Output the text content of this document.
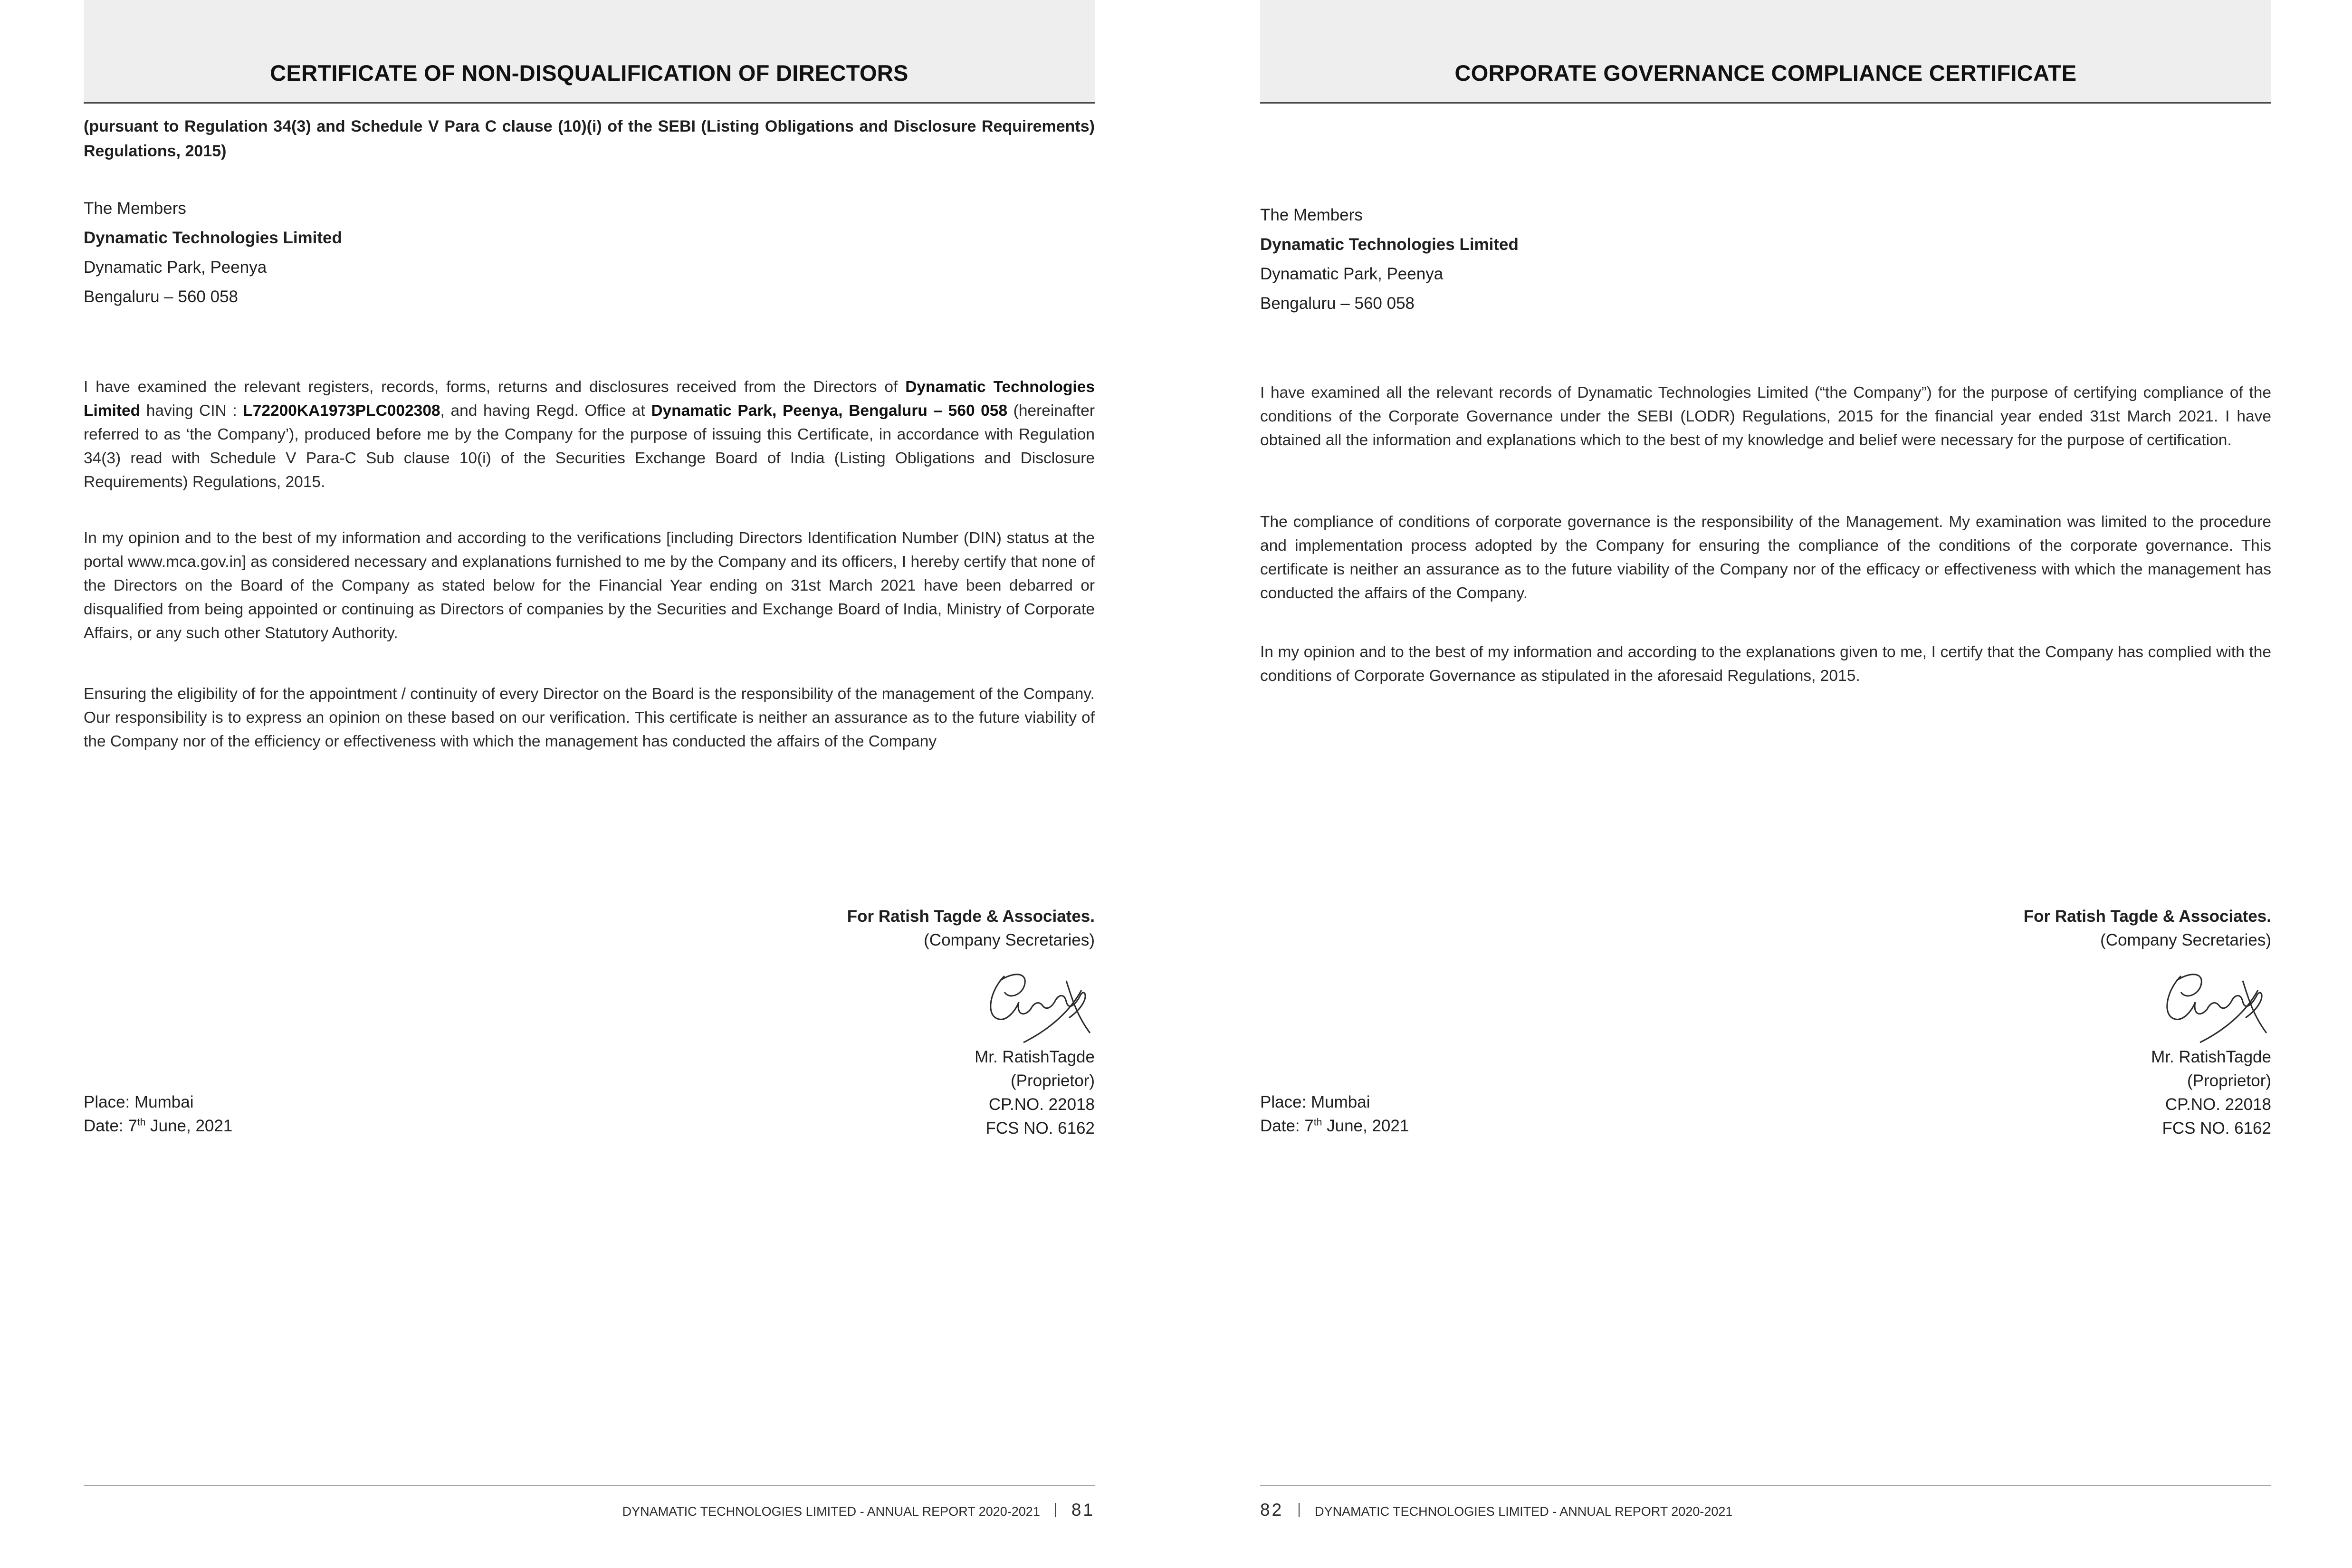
CERTIFICATE OF NON-DISQUALIFICATION OF DIRECTORS

(pursuant to Regulation 34(3) and Schedule V Para C clause (10)(i) of the SEBI (Listing Obligations and Disclosure Requirements) Regulations, 2015)

The Members
Dynamatic Technologies Limited
Dynamatic Park, Peenya
Bengaluru – 560 058

I have examined the relevant registers, records, forms, returns and disclosures received from the Directors of Dynamatic Technologies Limited having CIN : L72200KA1973PLC002308, and having Regd. Office at Dynamatic Park, Peenya, Bengaluru – 560 058 (hereinafter referred to as ‘the Company’), produced before me by the Company for the purpose of issuing this Certificate, in accordance with Regulation 34(3) read with Schedule V Para-C Sub clause 10(i) of the Securities Exchange Board of India (Listing Obligations and Disclosure Requirements) Regulations, 2015.

In my opinion and to the best of my information and according to the verifications [including Directors Identification Number (DIN) status at the portal www.mca.gov.in] as considered necessary and explanations furnished to me by the Company and its officers, I hereby certify that none of the Directors on the Board of the Company as stated below for the Financial Year ending on 31st March 2021 have been debarred or disqualified from being appointed or continuing as Directors of companies by the Securities and Exchange Board of India, Ministry of Corporate Affairs, or any such other Statutory Authority.

Ensuring the eligibility of for the appointment / continuity of every Director on the Board is the responsibility of the management of the Company. Our responsibility is to express an opinion on these based on our verification. This certificate is neither an assurance as to the future viability of the Company nor of the efficiency or effectiveness with which the management has conducted the affairs of the Company

For Ratish Tagde & Associates.
(Company Secretaries)
Mr. RatishTagde
(Proprietor)
CP.NO. 22018
FCS NO. 6162
Place: Mumbai
Date: 7th June, 2021
DYNAMATIC TECHNOLOGIES LIMITED - ANNUAL REPORT 2020-2021 81
CORPORATE GOVERNANCE COMPLIANCE CERTIFICATE
The Members
Dynamatic Technologies Limited
Dynamatic Park, Peenya
Bengaluru – 560 058

I have examined all the relevant records of Dynamatic Technologies Limited (“the Company”) for the purpose of certifying compliance of the conditions of the Corporate Governance under the SEBI (LODR) Regulations, 2015 for the financial year ended 31st March 2021. I have obtained all the information and explanations which to the best of my knowledge and belief were necessary for the purpose of certification.

The compliance of conditions of corporate governance is the responsibility of the Management. My examination was limited to the procedure and implementation process adopted by the Company for ensuring the compliance of the conditions of the corporate governance. This certificate is neither an assurance as to the future viability of the Company nor of the efficacy or effectiveness with which the management has conducted the affairs of the Company.

In my opinion and to the best of my information and according to the explanations given to me, I certify that the Company has complied with the conditions of Corporate Governance as stipulated in the aforesaid Regulations, 2015.

For Ratish Tagde & Associates.
(Company Secretaries)
Mr. RatishTagde
(Proprietor)
CP.NO. 22018
FCS NO. 6162
Place: Mumbai
Date: 7th June, 2021
82 DYNAMATIC TECHNOLOGIES LIMITED - ANNUAL REPORT 2020-2021
